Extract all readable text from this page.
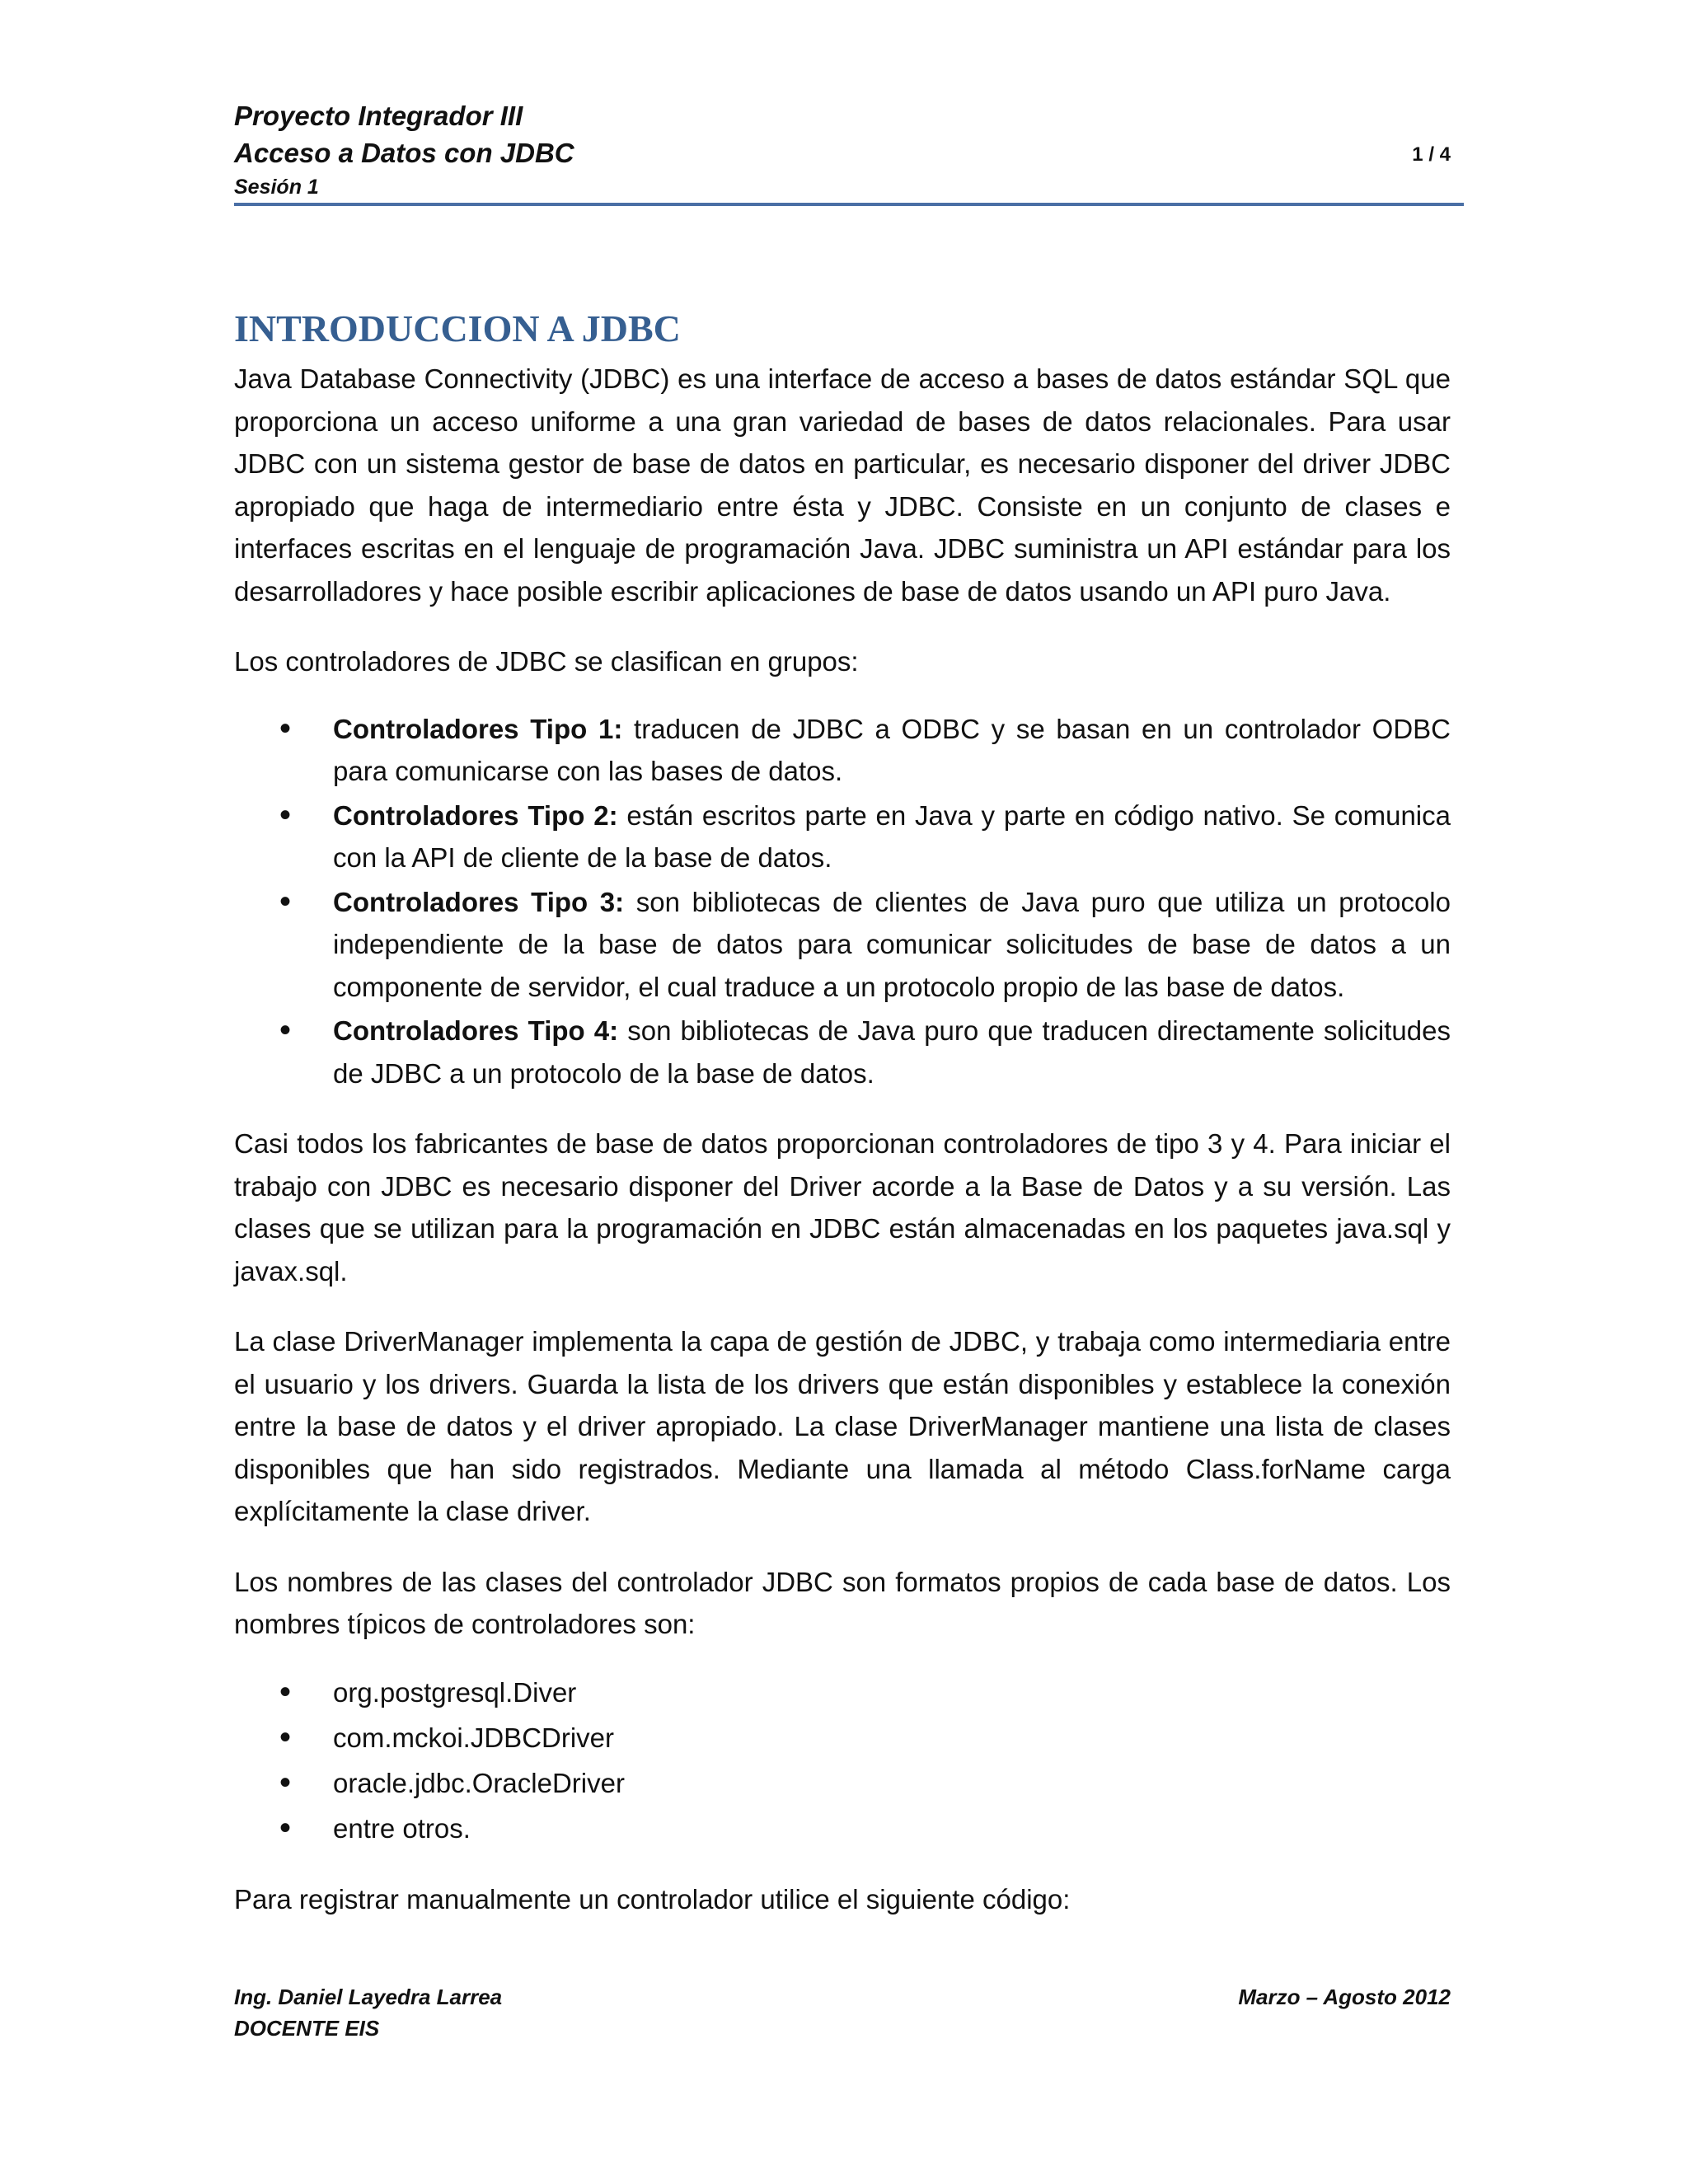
Proyecto Integrador III
Acceso a Datos con JDBC
Sesión 1
1 / 4
INTRODUCCION A JDBC

Java Database Connectivity (JDBC) es una interface de acceso a bases de datos estándar SQL que proporciona un acceso uniforme a una gran variedad de bases de datos relacionales. Para usar JDBC con un sistema gestor de base de datos en particular, es necesario disponer del driver JDBC apropiado que haga de intermediario entre ésta y JDBC. Consiste en un conjunto de clases e interfaces escritas en el lenguaje de programación Java. JDBC suministra un API estándar para los desarrolladores y hace posible escribir aplicaciones de base de datos usando un API puro Java.

Los controladores de JDBC se clasifican en grupos:

• Controladores Tipo 1: traducen de JDBC a ODBC y se basan en un controlador ODBC para comunicarse con las bases de datos.
• Controladores Tipo 2: están escritos parte en Java y parte en código nativo. Se comunica con la API de cliente de la base de datos.
• Controladores Tipo 3: son bibliotecas de clientes de Java puro que utiliza un protocolo independiente de la base de datos para comunicar solicitudes de base de datos a un componente de servidor, el cual traduce a un protocolo propio de las base de datos.
• Controladores Tipo 4: son bibliotecas de Java puro que traducen directamente solicitudes de JDBC a un protocolo de la base de datos.

Casi todos los fabricantes de base de datos proporcionan controladores de tipo 3 y 4. Para iniciar el trabajo con JDBC es necesario disponer del Driver acorde a la Base de Datos y a su versión. Las clases que se utilizan para la programación en JDBC están almacenadas en los paquetes java.sql y javax.sql.

La clase DriverManager implementa la capa de gestión de JDBC, y trabaja como intermediaria entre el usuario y los drivers. Guarda la lista de los drivers que están disponibles y establece la conexión entre la base de datos y el driver apropiado. La clase DriverManager mantiene una lista de clases disponibles que han sido registrados. Mediante una llamada al método Class.forName carga explícitamente la clase driver.

Los nombres de las clases del controlador JDBC son formatos propios de cada base de datos. Los nombres típicos de controladores son:

• org.postgresql.Diver
• com.mckoi.JDBCDriver
• oracle.jdbc.OracleDriver
• entre otros.

Para registrar manualmente un controlador utilice el siguiente código:

Ing. Daniel Layedra Larrea
DOCENTE EIS
Marzo – Agosto 2012
